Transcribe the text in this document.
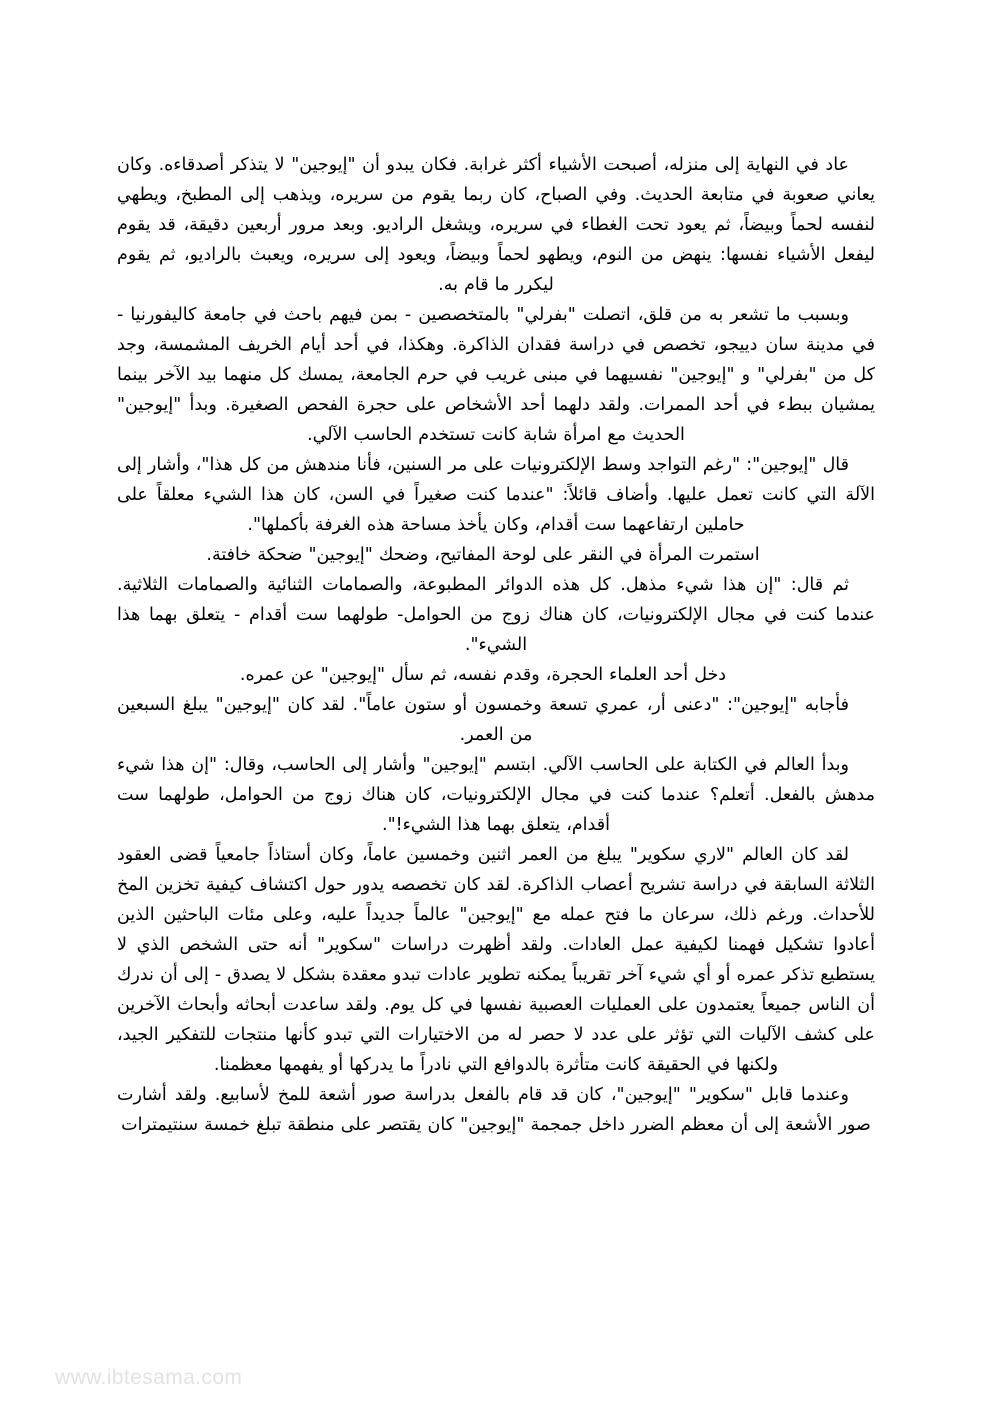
عاد في النهاية إلى منزله، أصبحت الأشياء أكثر غرابة. فكان يبدو أن "إيوجين" لا يتذكر أصدقاءه. وكان يعاني صعوبة في متابعة الحديث. وفي الصباح، كان ربما يقوم من سريره، ويذهب إلى المطبخ، ويطهي لنفسه لحماً وبيضاً، ثم يعود تحت الغطاء في سريره، ويشغل الراديو. وبعد مرور أربعين دقيقة، قد يقوم ليفعل الأشياء نفسها: ينهض من النوم، ويطهو لحماً وبيضاً، ويعود إلى سريره، ويعبث بالراديو، ثم يقوم ليكرر ما قام به.

وبسبب ما تشعر به من قلق، اتصلت "بفرلي" بالمتخصصين - بمن فيهم باحث في جامعة كاليفورنيا - في مدينة سان دييجو، تخصص في دراسة فقدان الذاكرة. وهكذا، في أحد أيام الخريف المشمسة، وجد كل من "بفرلي" و "إيوجين" نفسيهما في مبنى غريب في حرم الجامعة، يمسك كل منهما بيد الآخر بينما يمشيان ببطء في أحد الممرات. ولقد دلهما أحد الأشخاص على حجرة الفحص الصغيرة. وبدأ "إيوجين" الحديث مع امرأة شابة كانت تستخدم الحاسب الآلي.

قال "إيوجين": "رغم التواجد وسط الإلكترونيات على مر السنين، فأنا مندهش من كل هذا"، وأشار إلى الآلة التي كانت تعمل عليها. وأضاف قائلاً: "عندما كنت صغيراً في السن، كان هذا الشيء معلقاً على حاملين ارتفاعهما ست أقدام، وكان يأخذ مساحة هذه الغرفة بأكملها".

استمرت المرأة في النقر على لوحة المفاتيح، وضحك "إيوجين" ضحكة خافتة.

ثم قال: "إن هذا شيء مذهل. كل هذه الدوائر المطبوعة، والصمامات الثنائية والصمامات الثلاثية. عندما كنت في مجال الإلكترونيات، كان هناك زوج من الحوامل- طولهما ست أقدام - يتعلق بهما هذا الشيء".

دخل أحد العلماء الحجرة، وقدم نفسه، ثم سأل "إيوجين" عن عمره.

فأجابه "إيوجين": "دعنى أر، عمري تسعة وخمسون أو ستون عاماً". لقد كان "إيوجين" يبلغ السبعين من العمر.

وبدأ العالم في الكتابة على الحاسب الآلي. ابتسم "إيوجين" وأشار إلى الحاسب، وقال: "إن هذا شيء مدهش بالفعل. أتعلم؟ عندما كنت في مجال الإلكترونيات، كان هناك زوج من الحوامل، طولهما ست أقدام، يتعلق بهما هذا الشيء!".

لقد كان العالم "لاري سكوير" يبلغ من العمر اثنين وخمسين عاماً، وكان أستاذاً جامعياً قضى العقود الثلاثة السابقة في دراسة تشريح أعصاب الذاكرة. لقد كان تخصصه يدور حول اكتشاف كيفية تخزين المخ للأحداث. ورغم ذلك، سرعان ما فتح عمله مع "إيوجين" عالماً جديداً عليه، وعلى مئات الباحثين الذين أعادوا تشكيل فهمنا لكيفية عمل العادات. ولقد أظهرت دراسات "سكوير" أنه حتى الشخص الذي لا يستطيع تذكر عمره أو أي شيء آخر تقريباً يمكنه تطوير عادات تبدو معقدة بشكل لا يصدق - إلى أن ندرك أن الناس جميعاً يعتمدون على العمليات العصبية نفسها في كل يوم. ولقد ساعدت أبحاثه وأبحاث الآخرين على كشف الآليات التي تؤثر على عدد لا حصر له من الاختيارات التي تبدو كأنها منتجات للتفكير الجيد، ولكنها في الحقيقة كانت متأثرة بالدوافع التي نادراً ما يدركها أو يفهمها معظمنا.

وعندما قابل "سكوير" "إيوجين"، كان قد قام بالفعل بدراسة صور أشعة للمخ لأسابيع. ولقد أشارت صور الأشعة إلى أن معظم الضرر داخل جمجمة "إيوجين" كان يقتصر على منطقة تبلغ خمسة سنتيمترات

www.ibtesama.com
